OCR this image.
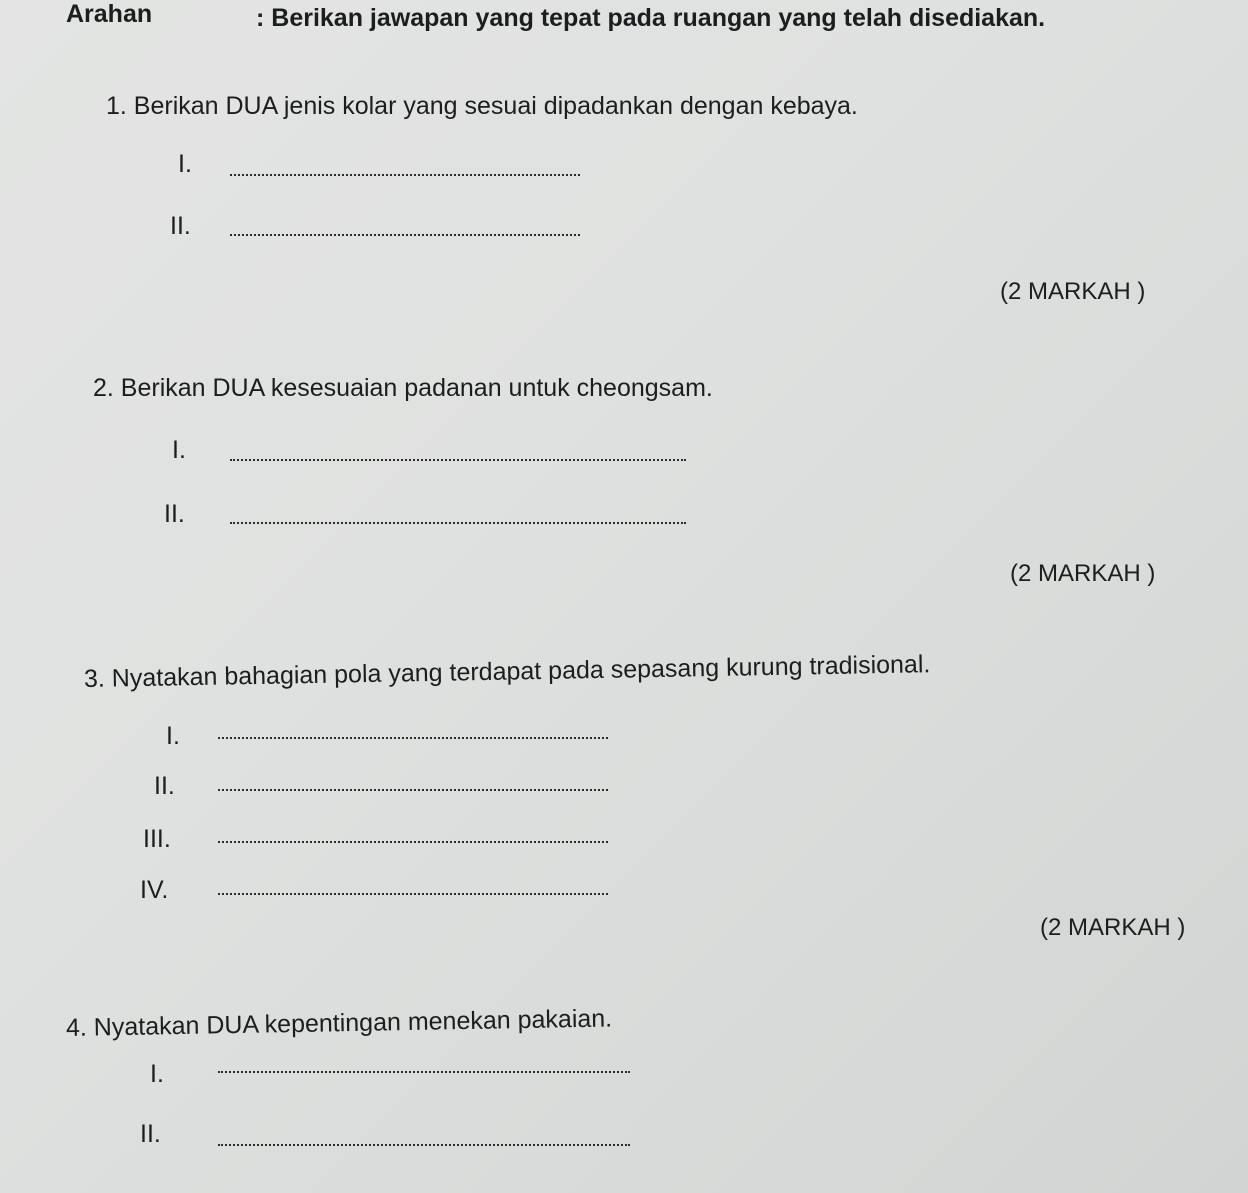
Arahan	: Berikan jawapan yang tepat pada ruangan yang telah disediakan.
1. Berikan DUA jenis kolar yang sesuai dipadankan dengan kebaya.
I.
II.
(2 MARKAH )
2. Berikan DUA kesesuaian padanan untuk cheongsam.
I.
II.
(2 MARKAH )
3. Nyatakan bahagian pola yang terdapat pada sepasang kurung tradisional.
I.
II.
III.
IV.
(2 MARKAH )
4. Nyatakan DUA kepentingan menekan pakaian.
I.
II.
